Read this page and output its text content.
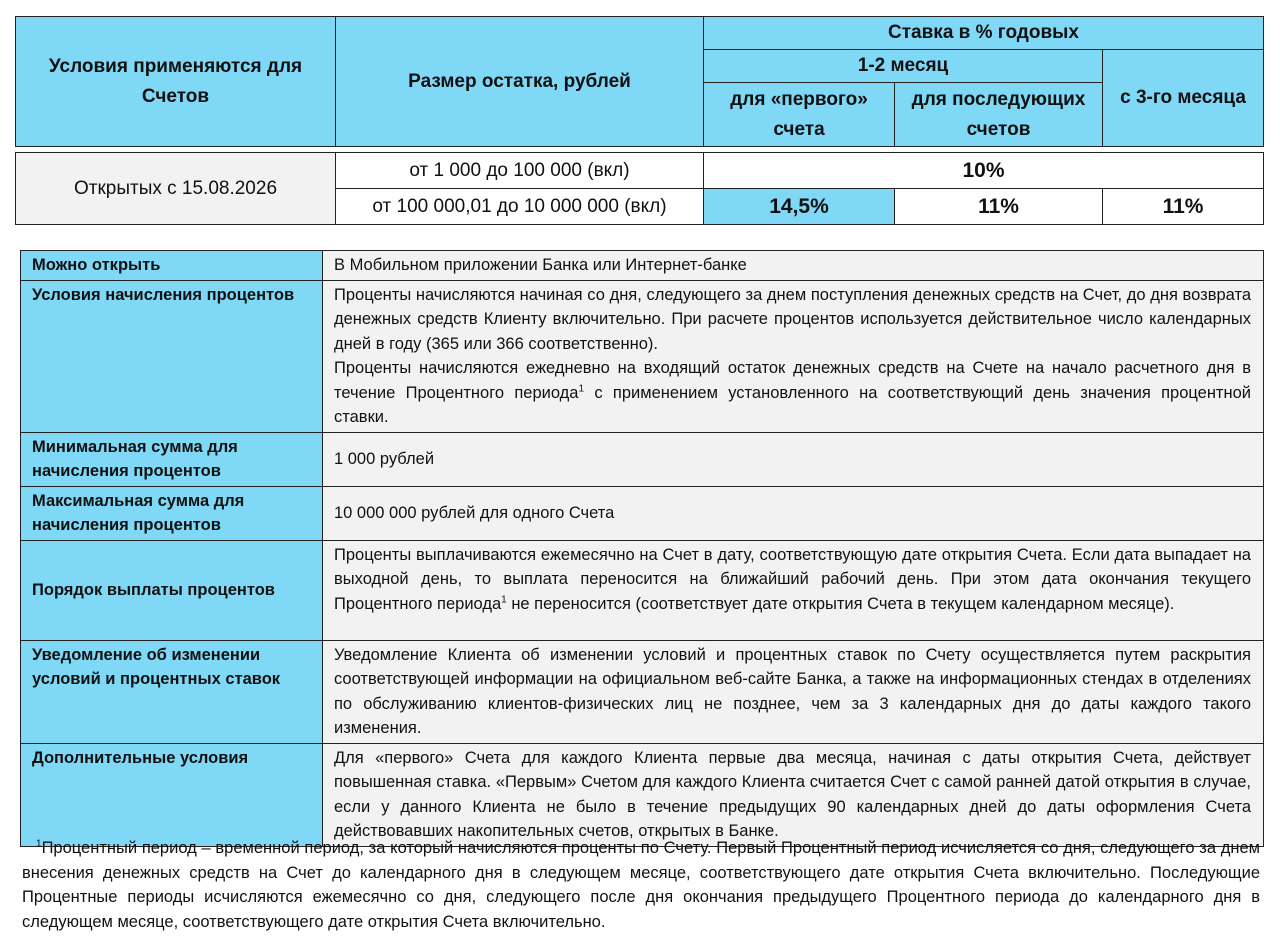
Условия применяются для Счетов	Размер остатка, рублей	Ставка в % годовых		
		1-2 месяц		с 3-го месяца
		для «первого» счета	для последующих счетов	
Открытых с 15.08.2026	от 1 000 до 100 000 (вкл)	10%		
	от 100 000,01 до 10 000 000 (вкл)	14,5%	11%	11%
Можно открыть	В Мобильном приложении Банка или Интернет-банке
Условия начисления процентов	Проценты начисляются начиная со дня, следующего за днем поступления денежных средств на Счет, до дня возврата денежных средств Клиенту включительно. При расчете процентов используется действительное число календарных дней в году (365 или 366 соответственно).
Проценты начисляются ежедневно на входящий остаток денежных средств на Счете на начало расчетного дня в течение Процентного периода$^1$ с применением установленного на соответствующий день значения процентной ставки.

Минимальная сумма для начисления процентов	1 000 рублей
Максимальная сумма для начисления процентов	10 000 000 рублей для одного Счета
Порядок выплаты процентов	Проценты выплачиваются ежемесячно на Счет в дату, соответствующую дате открытия Счета. Если дата выпадает на выходной день, то выплата переносится на ближайший рабочий день. При этом дата окончания текущего Процентного периода$^1$ не переносится (соответствует дате открытия Счета в текущем календарном месяце).
Уведомление об изменении условий и процентных ставок	Уведомление Клиента об изменении условий и процентных ставок по Счету осуществляется путем раскрытия соответствующей информации на официальном веб-сайте Банка, а также на информационных стендах в отделениях по обслуживанию клиентов-физических лиц не позднее, чем за 3 календарных дня до даты каждого такого изменения.
Дополнительные условия	Для «первого» Счета для каждого Клиента первые два месяца, начиная с даты открытия Счета, действует повышенная ставка. «Первым» Счетом для каждого Клиента считается Счет с самой ранней датой открытия в случае, если у данного Клиента не было в течение предыдущих 90 календарных дней до даты оформления Счета действовавших накопительных счетов, открытых в Банке.

$^1$Процентный период – временной период, за который начисляются проценты по Счету. Первый Процентный период исчисляется со дня, следующего за днем внесения денежных средств на Счет до календарного дня в следующем месяце, соответствующего дате открытия Счета включительно. Последующие Процентные периоды исчисляются ежемесячно со дня, следующего после дня окончания предыдущего Процентного периода до календарного дня в следующем месяце, соответствующего дате открытия Счета включительно.
